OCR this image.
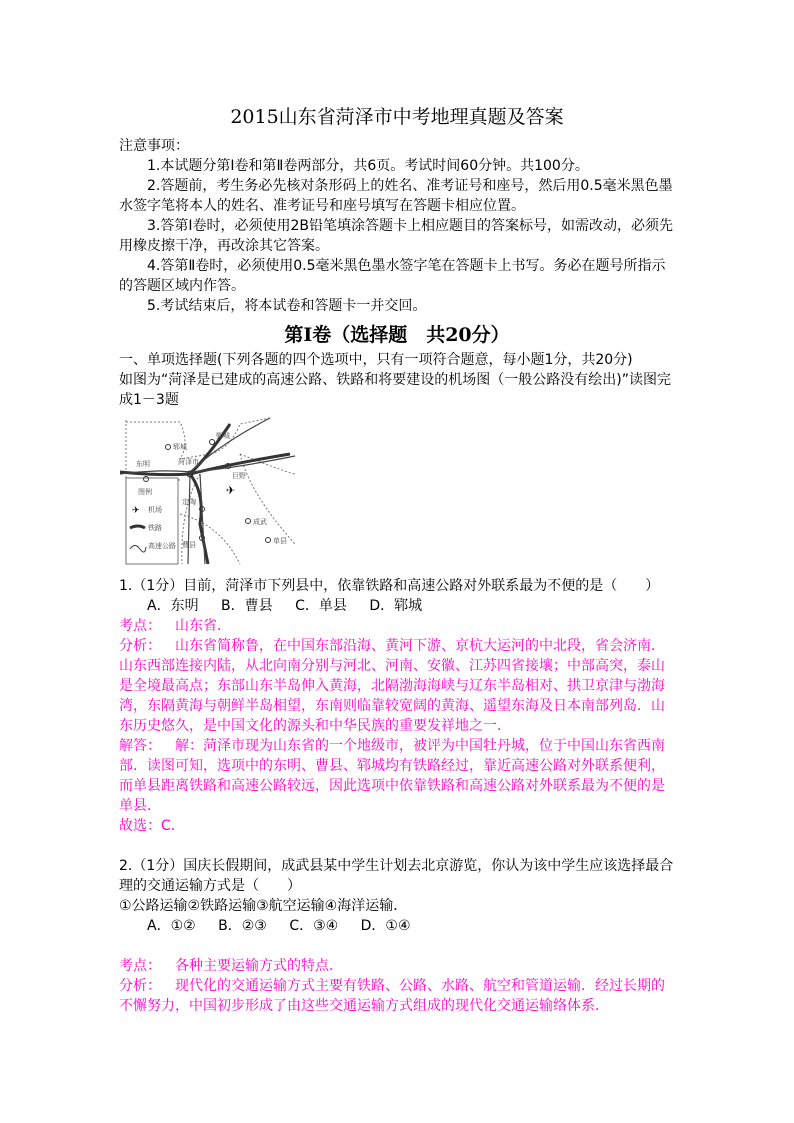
2015山东省菏泽市中考地理真题及答案
注意事项：
1.本试题分第Ⅰ卷和第Ⅱ卷两部分，共6页。考试时间60分钟。共100分。
2.答题前，考生务必先核对条形码上的姓名、准考证号和座号，然后用0.5毫米黑色墨水签字笔将本人的姓名、准考证号和座号填写在答题卡相应位置。
3.答第Ⅰ卷时，必须使用2B铅笔填涂答题卡上相应题目的答案标号，如需改动，必须先用橡皮擦干净，再改涂其它答案。
4.答第Ⅱ卷时，必须使用0.5毫米黑色墨水签字笔在答题卡上书写。务必在题号所指示的答题区域内作答。
5.考试结束后，将本试卷和答题卡一并交回。
第Ⅰ卷（选择题　共20分）
一、单项选择题(下列各题的四个选项中，只有一项符合题意，每小题1分，共20分)
如图为“菏泽是已建成的高速公路、铁路和将要建设的机场图（一般公路没有绘出)”读图完成1－3题
图例
✈ 机场
铁路
高速公路
郓城
鄄城
东明	菏泽市
巨野
定陶
成武
曹县	单县
✈
1.（1分）目前，菏泽市下列县中，依靠铁路和高速公路对外联系最为不便的是（　　）
A．东明 B．曹县 C．单县 D．郓城
考点： 山东省．
分析： 山东省简称鲁，在中国东部沿海、黄河下游、京杭大运河的中北段，省会济南．山东西部连接内陆，从北向南分别与河北、河南、安徽、江苏四省接壤；中部高突，泰山是全境最高点；东部山东半岛伸入黄海，北隔渤海海峡与辽东半岛相对、拱卫京津与渤海湾，东隔黄海与朝鲜半岛相望，东南则临靠较宽阔的黄海、遥望东海及日本南部列岛．山东历史悠久，是中国文化的源头和中华民族的重要发祥地之一．
解答： 解：菏泽市现为山东省的一个地级市，被评为中国牡丹城，位于中国山东省西南部．读图可知，选项中的东明、曹县、郓城均有铁路经过，靠近高速公路对外联系便利，而单县距离铁路和高速公路较远，因此选项中依靠铁路和高速公路对外联系最为不便的是单县．
故选：C．
2.（1分）国庆长假期间，成武县某中学生计划去北京游览，你认为该中学生应该选择最合理的交通运输方式是（　　）
①公路运输②铁路运输③航空运输④海洋运输．
A．①② B．②③ C．③④ D．①④
考点： 各种主要运输方式的特点．
分析： 现代化的交通运输方式主要有铁路、公路、水路、航空和管道运输．经过长期的不懈努力，中国初步形成了由这些交通运输方式组成的现代化交通运输络体系．
